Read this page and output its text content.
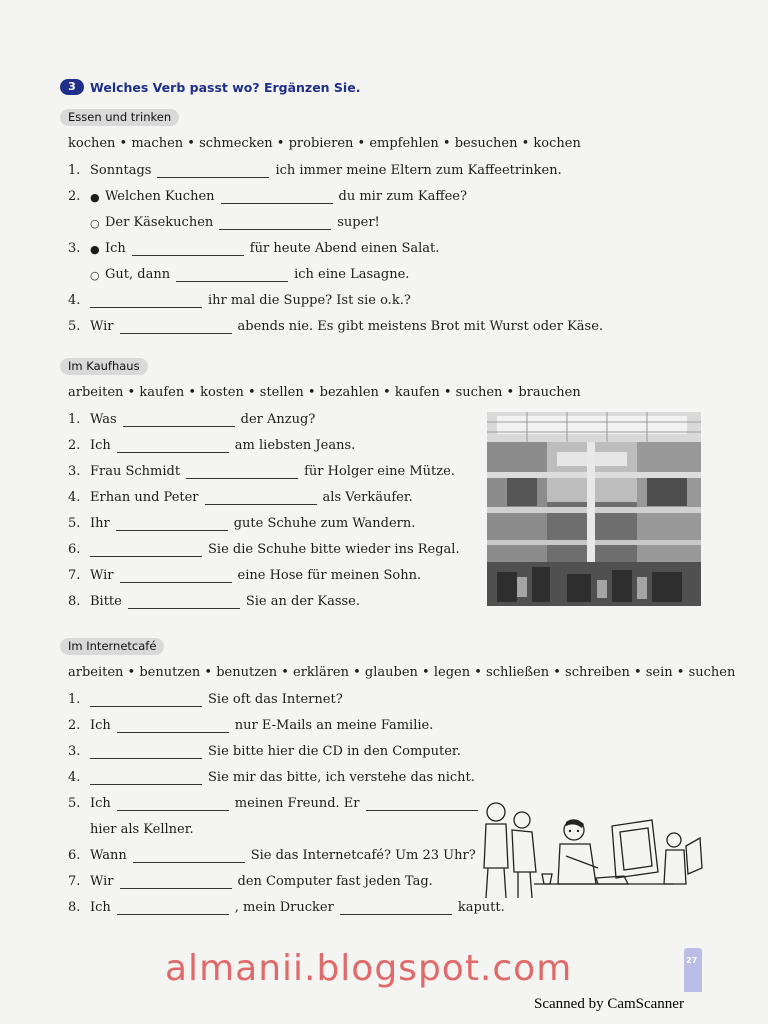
3	Welches Verb passt wo? Ergänzen Sie.
Essen und trinken
kochen • machen • schmecken • probieren • empfehlen • besuchen • kochen
1. Sonntags	ich immer meine Eltern zum Kaffeetrinken.
2. ● Welchen Kuchen	du mir zum Kaffee?
○ Der Käsekuchen	super!
3. ● Ich	für heute Abend einen Salat.
○ Gut, dann	ich eine Lasagne.
4.	ihr mal die Suppe? Ist sie o.k.?
5. Wir	abends nie. Es gibt meistens Brot mit Wurst oder Käse.
Im Kaufhaus
arbeiten • kaufen • kosten • stellen • bezahlen • kaufen • suchen • brauchen
1. Was	der Anzug?
2. Ich	am liebsten Jeans.
3. Frau Schmidt	für Holger eine Mütze.
4. Erhan und Peter	als Verkäufer.
5. Ihr	gute Schuhe zum Wandern.
6.	Sie die Schuhe bitte wieder ins Regal.
7. Wir	eine Hose für meinen Sohn.
8. Bitte	Sie an der Kasse.
Im Internetcafé
arbeiten • benutzen • benutzen • erklären • glauben • legen • schließen • schreiben • sein • suchen
1.	Sie oft das Internet?
2. Ich	nur E-Mails an meine Familie.
3.	Sie bitte hier die CD in den Computer.
4.	Sie mir das bitte, ich verstehe das nicht.
5. Ich	meinen Freund. Er
hier als Kellner.
6. Wann	Sie das Internetcafé? Um 23 Uhr?
7. Wir	den Computer fast jeden Tag.
8. Ich	, mein Drucker	kaputt.
almanii.blogspot.com	27
Scanned by CamScanner
